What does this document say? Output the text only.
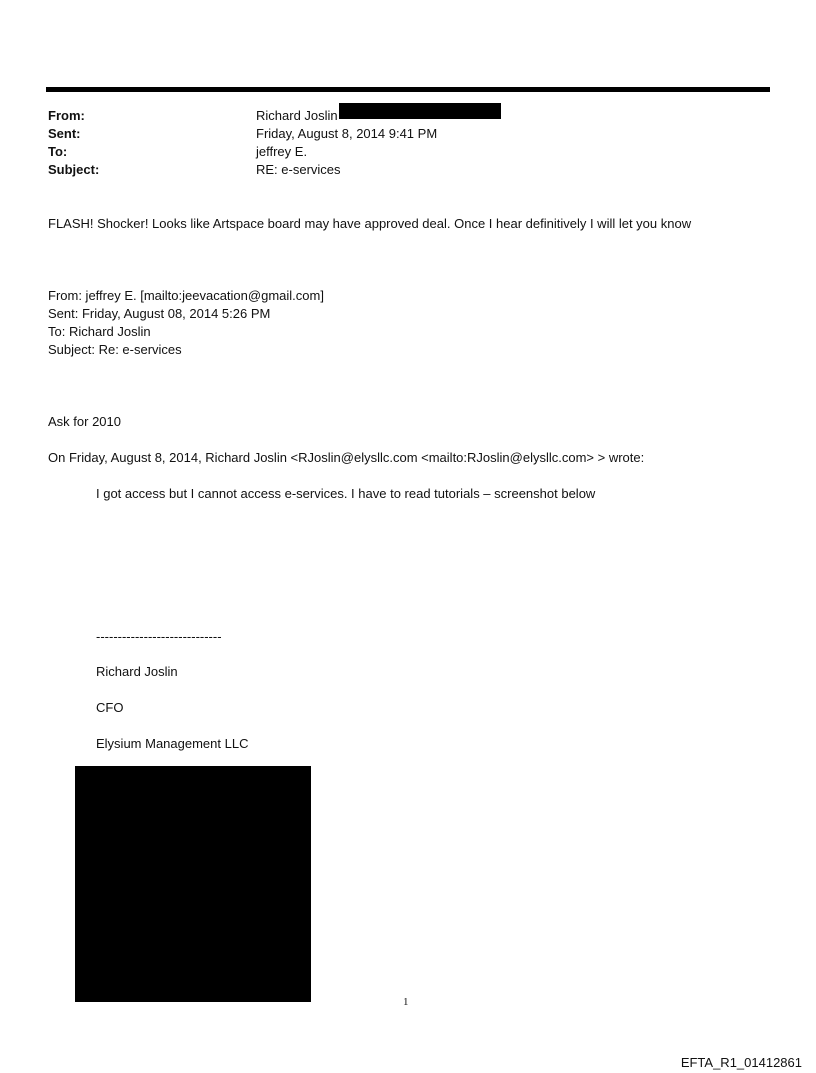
From:	Richard Joslin
Sent:	Friday, August 8, 2014 9:41 PM
To:	jeffrey E.
Subject:	RE: e-services
FLASH! Shocker! Looks like Artspace board may have approved deal. Once I hear definitively I will let you know
From: jeffrey E. [mailto:jeevacation@gmail.com]
Sent: Friday, August 08, 2014 5:26 PM
To: Richard Joslin
Subject: Re: e-services
Ask for 2010
On Friday, August 8, 2014, Richard Joslin <RJoslin@elysllc.com <mailto:RJoslin@elysllc.com> > wrote:
I got access but I cannot access e-services. I have to read tutorials – screenshot below
-----------------------------
Richard Joslin
CFO
Elysium Management LLC
1
EFTA_R1_01412861
